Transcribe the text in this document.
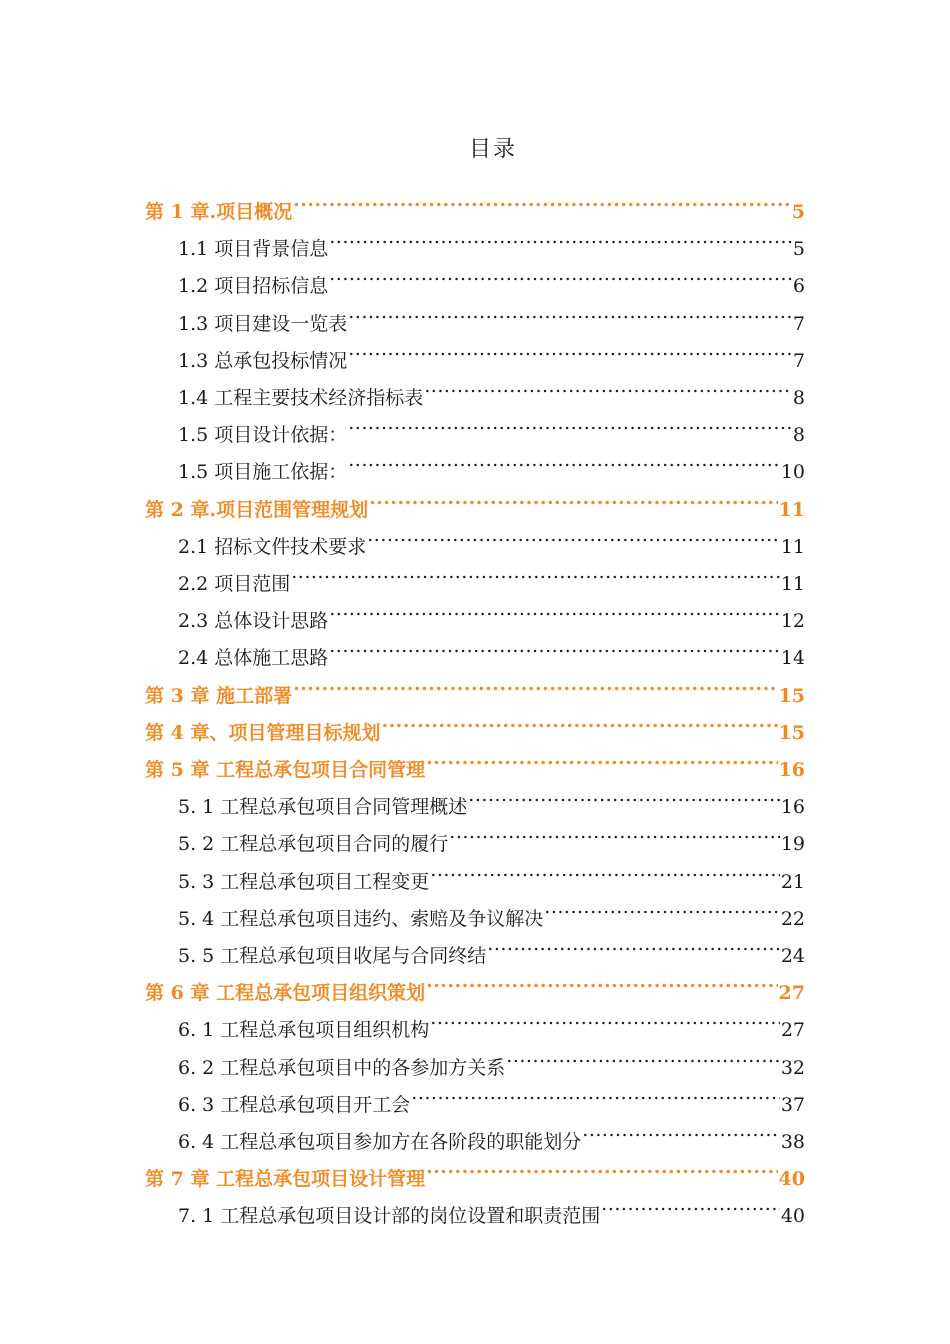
目录
第 1 章.项目概况 .....	5
1.1 项目背景信息 .....	5
1.2 项目招标信息 .....	6
1.3 项目建设一览表 .....	7
1.3 总承包投标情况 .....	7
1.4 工程主要技术经济指标表 .....	8
1.5 项目设计依据： .....	8
1.5 项目施工依据： .....	10
第 2 章.项目范围管理规划 .....	11
2.1 招标文件技术要求 .....	11
2.2 项目范围 .....	11
2.3 总体设计思路 .....	12
2.4 总体施工思路 .....	14
第 3 章 施工部署 .....	15
第 4 章、项目管理目标规划 .....	15
第 5 章 工程总承包项目合同管理 .....	16
5. 1 工程总承包项目合同管理概述 .....	16
5. 2 工程总承包项目合同的履行 .....	19
5. 3 工程总承包项目工程变更 .....	21
5. 4 工程总承包项目违约、索赔及争议解决 .....	22
5. 5 工程总承包项目收尾与合同终结 .....	24
第 6 章 工程总承包项目组织策划 .....	27
6. 1 工程总承包项目组织机构 .....	27
6. 2 工程总承包项目中的各参加方关系 .....	32
6. 3 工程总承包项目开工会 .....	37
6. 4 工程总承包项目参加方在各阶段的职能划分 .....	38
第 7 章 工程总承包项目设计管理 .....	40
7. 1 工程总承包项目设计部的岗位设置和职责范围 .....	40
